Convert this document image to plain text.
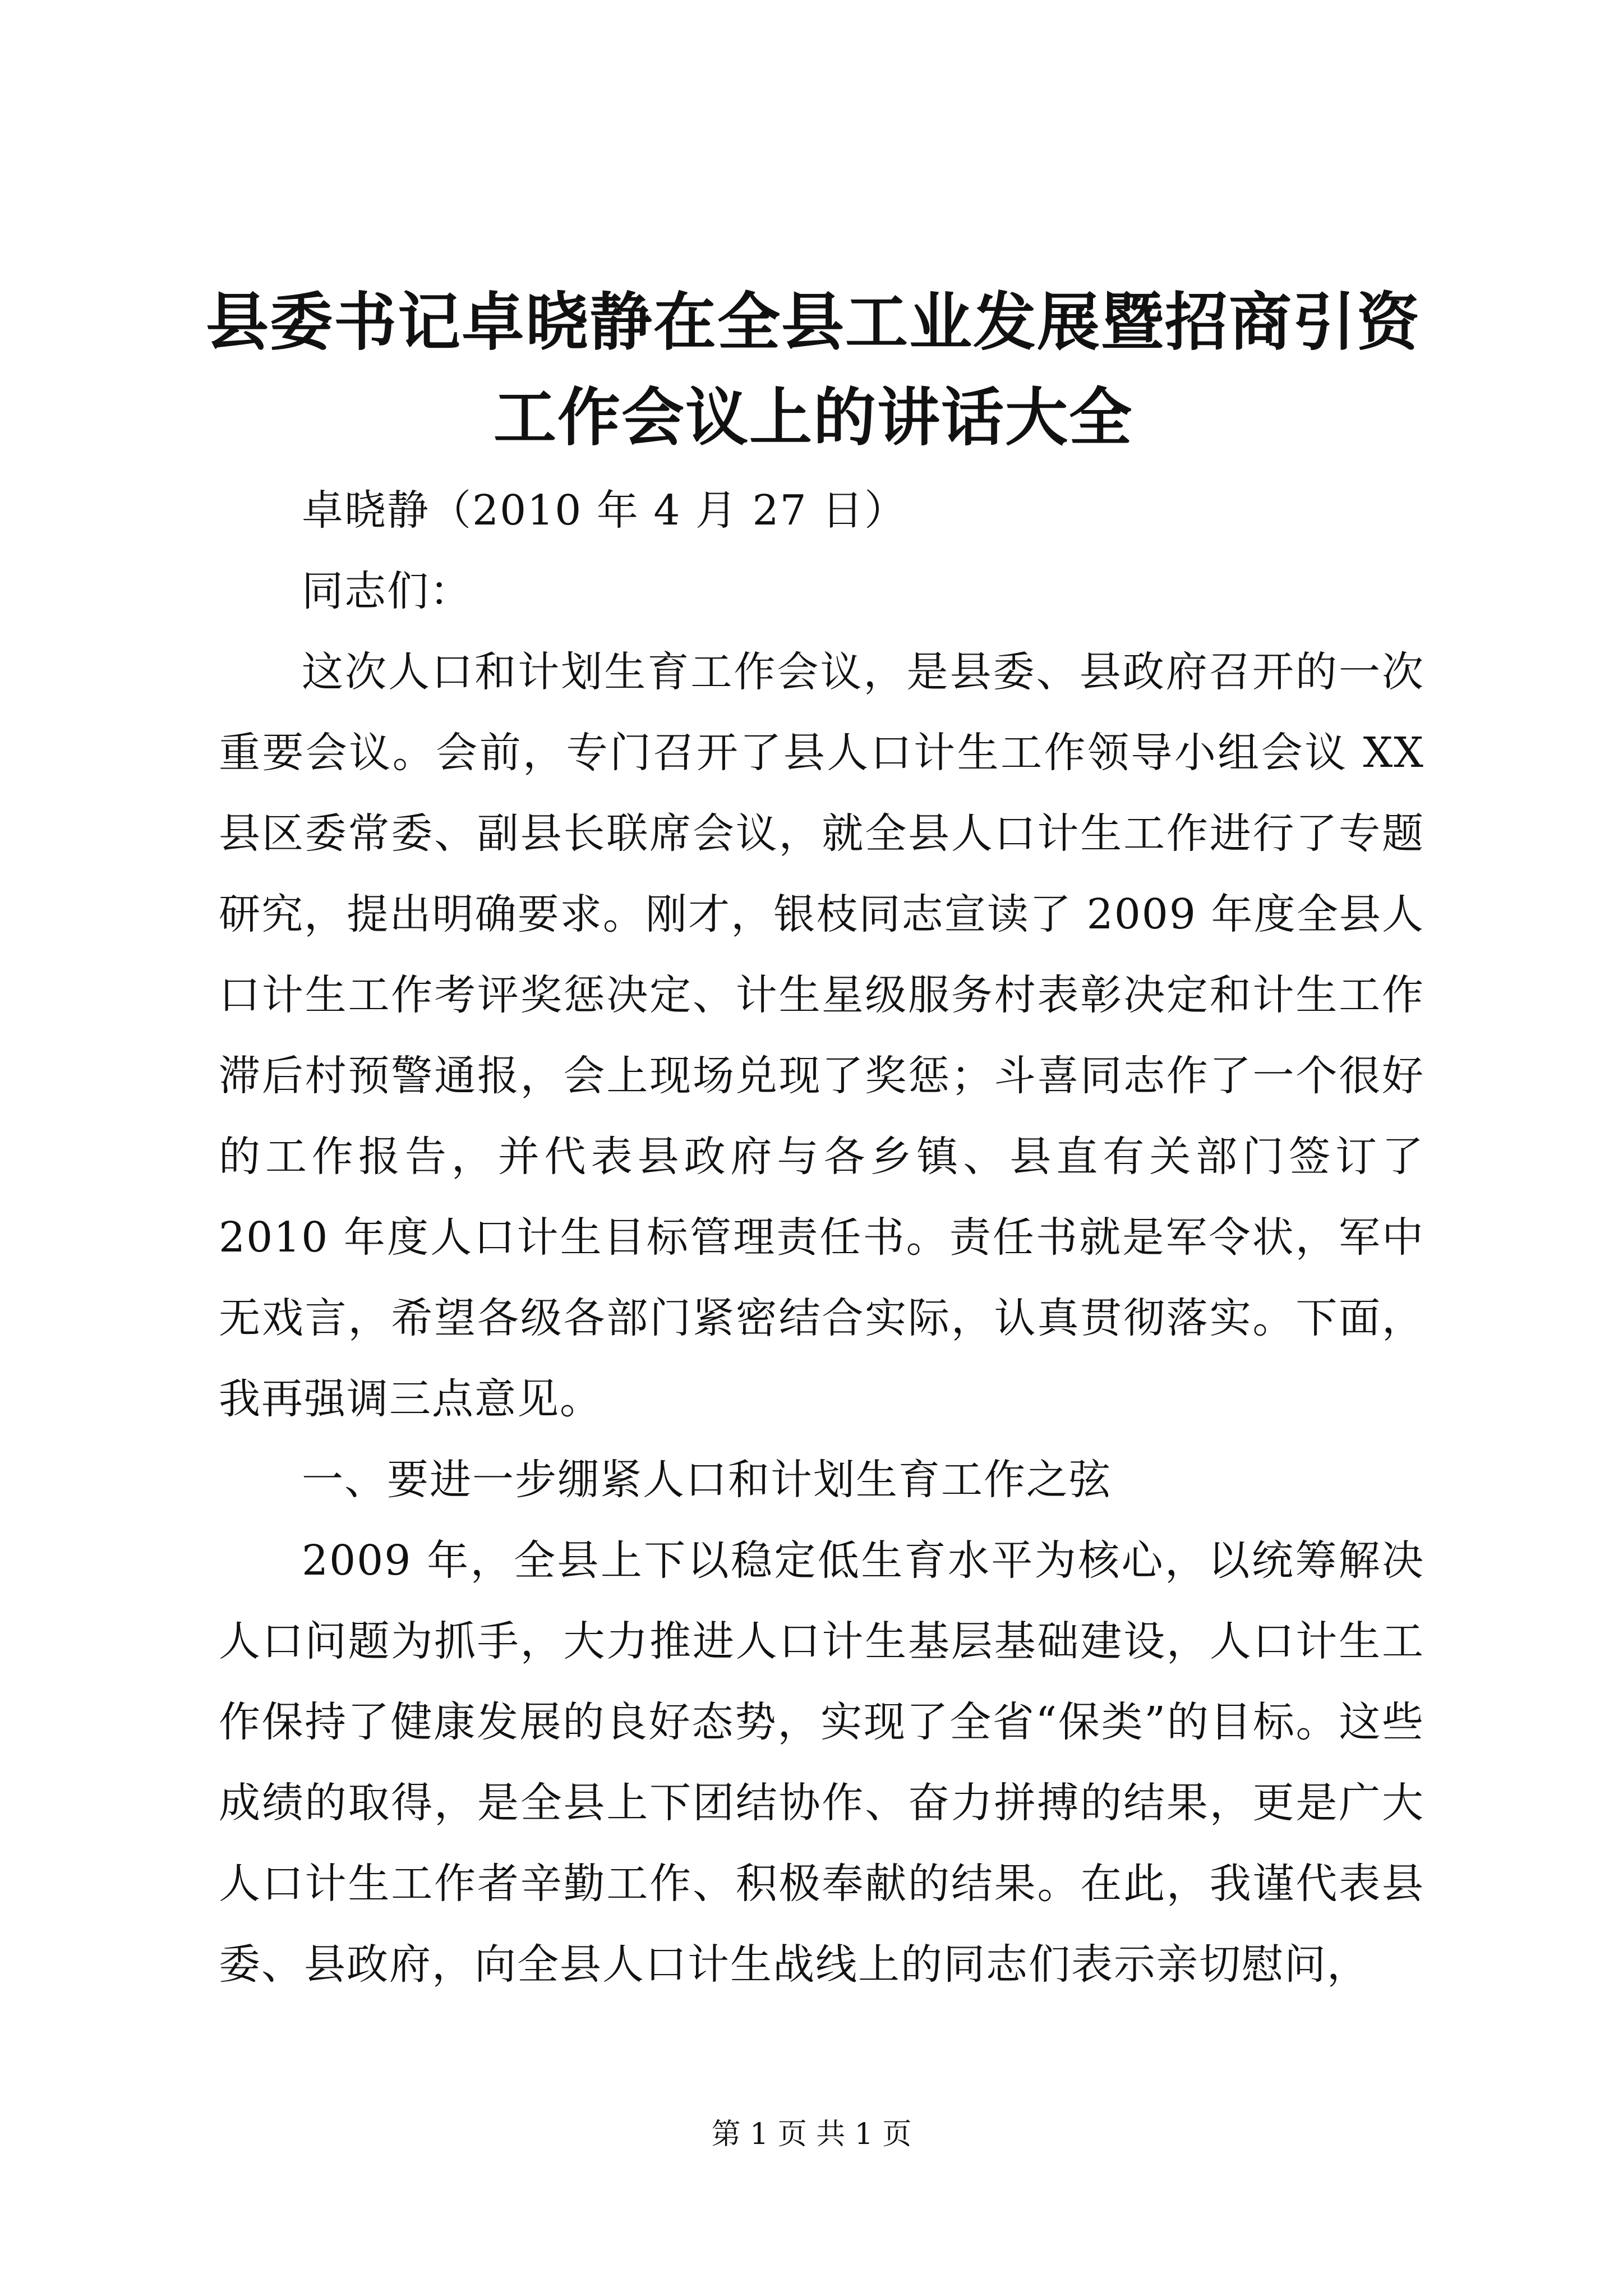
县委书记卓晓静在全县工业发展暨招商引资工作会议上的讲话大全

卓晓静（2010 年 4 月 27 日）

同志们：

这次人口和计划生育工作会议，是县委、县政府召开的一次重要会议。会前，专门召开了县人口计生工作领导小组会议 XX 县区委常委、副县长联席会议，就全县人口计生工作进行了专题研究，提出明确要求。刚才，银枝同志宣读了 2009 年度全县人口计生工作考评奖惩决定、计生星级服务村表彰决定和计生工作滞后村预警通报，会上现场兑现了奖惩；斗喜同志作了一个很好的工作报告，并代表县政府与各乡镇、县直有关部门签订了 2010 年度人口计生目标管理责任书。责任书就是军令状，军中无戏言，希望各级各部门紧密结合实际，认真贯彻落实。下面，我再强调三点意见。

一、要进一步绷紧人口和计划生育工作之弦

2009 年，全县上下以稳定低生育水平为核心，以统筹解决人口问题为抓手，大力推进人口计生基层基础建设，人口计生工作保持了健康发展的良好态势，实现了全省“保类”的目标。这些成绩的取得，是全县上下团结协作、奋力拼搏的结果，更是广大人口计生工作者辛勤工作、积极奉献的结果。在此，我谨代表县委、县政府，向全县人口计生战线上的同志们表示亲切慰问，

第 1 页 共 1 页
